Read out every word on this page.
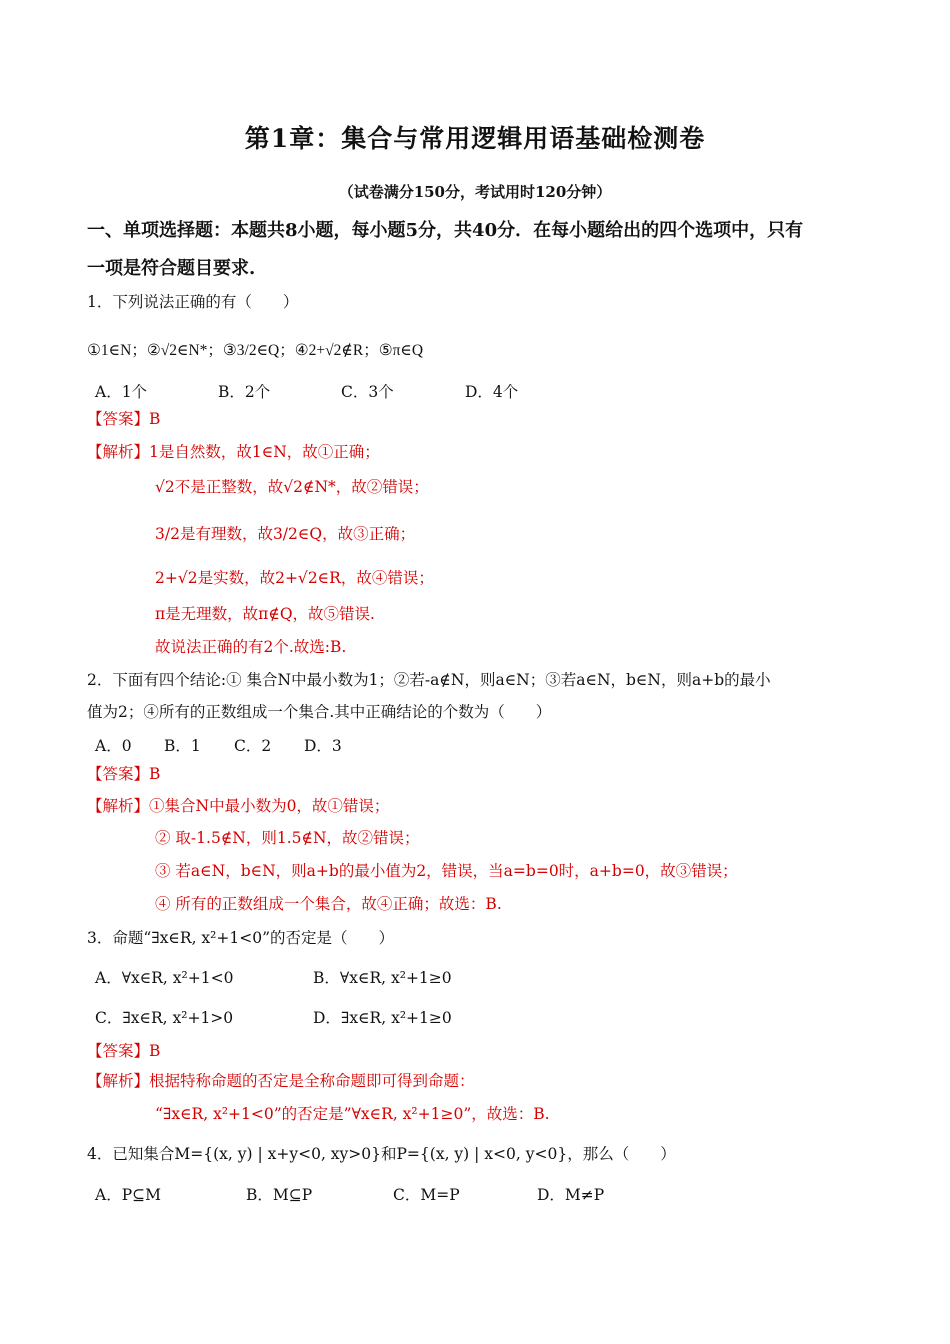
第1章：集合与常用逻辑用语基础检测卷
（试卷满分150分，考试用时120分钟）
一、单项选择题：本题共8小题，每小题5分，共40分．在每小题给出的四个选项中，只有
一项是符合题目要求.
1．下列说法正确的有（　　）
①1∈N；②√2∈N*；③3/2∈Q；④2+√2∉R；⑤π∈Q
A．1个	B．2个	C．3个	D．4个
【答案】B
【解析】1是自然数，故1∈N，故①正确；
√2不是正整数，故√2∉N*，故②错误；
3/2是有理数，故3/2∈Q，故③正确；
2+√2是实数，故2+√2∈R，故④错误；
π是无理数，故π∉Q，故⑤错误.
故说法正确的有2个.故选:B.
2．下面有四个结论:① 集合N中最小数为1；②若-a∉N，则a∈N；③若a∈N，b∈N，则a+b的最小
值为2；④所有的正数组成一个集合.其中正确结论的个数为（　　）
A．0 B．1 C．2 D．3
【答案】B
【解析】①集合N中最小数为0，故①错误；
② 取-1.5∉N，则1.5∉N，故②错误；
③ 若a∈N，b∈N，则a+b的最小值为2，错误，当a=b=0时，a+b=0，故③错误；
④ 所有的正数组成一个集合，故④正确；故选：B.
3．命题“∃x∈R, x²+1<0”的否定是（　　）
A．∀x∈R, x²+1<0	B．∀x∈R, x²+1≥0
C．∃x∈R, x²+1>0	D．∃x∈R, x²+1≥0
【答案】B
【解析】根据特称命题的否定是全称命题即可得到命题：
“∃x∈R, x²+1<0”的否定是”∀x∈R, x²+1≥0”，故选：B.
4．已知集合M={(x, y) | x+y<0, xy>0}和P={(x, y) | x<0, y<0}，那么（　　）
A．P⊆M	B．M⊆P	C．M=P	D．M≠P
